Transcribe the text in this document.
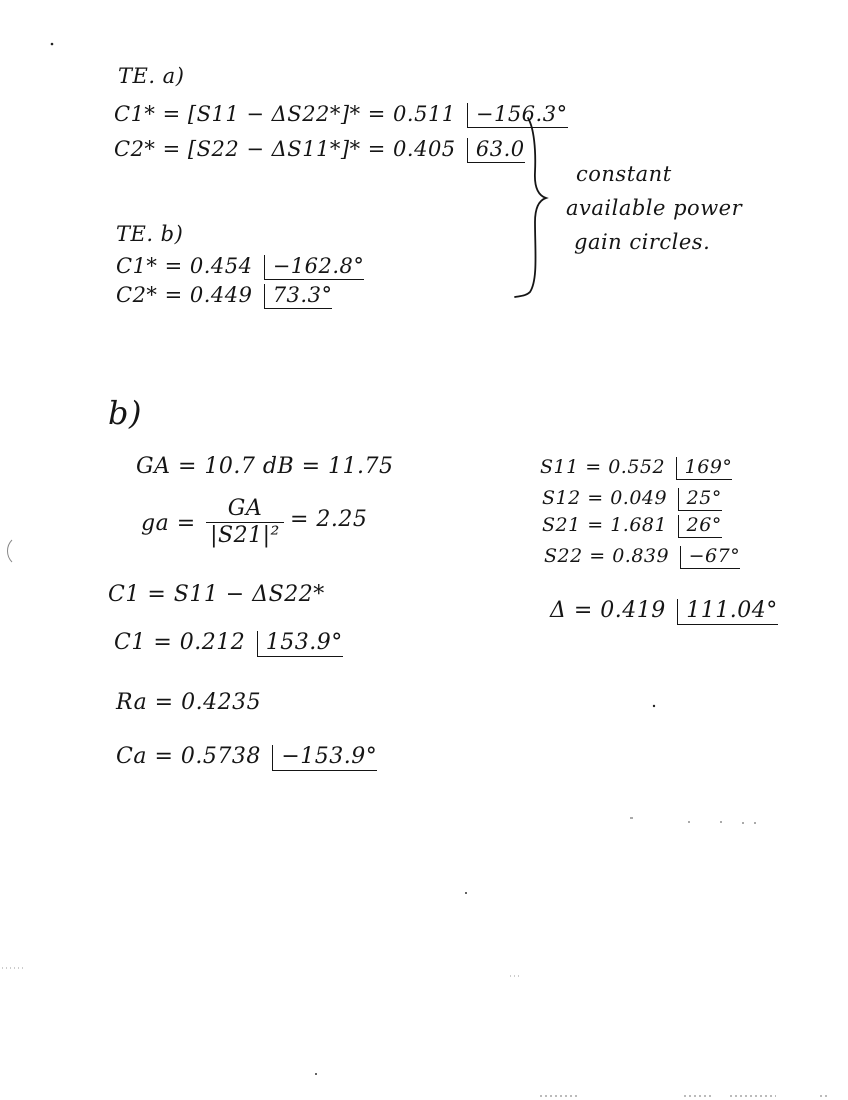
TE. a)
C1* = [S11 − ΔS22*]* = 0.511 −156.3°
C2* = [S22 − ΔS11*]* = 0.405 63.0
constant
available power
gain circles.
TE. b)
C1* = 0.454 −162.8°
C2* = 0.449 73.3°
b)
GA = 10.7 dB = 11.75
ga = $\frac{GA}{\text{|S21|²}} = 2.25$
C1 = S11 − ΔS22*
C1 = 0.212 153.9°
Ra = 0.4235
Ca = 0.5738 −153.9°
S11 = 0.552 169°
S12 = 0.049 25°
S21 = 1.681 26°
S22 = 0.839 −67°
Δ = 0.419 111.04°
